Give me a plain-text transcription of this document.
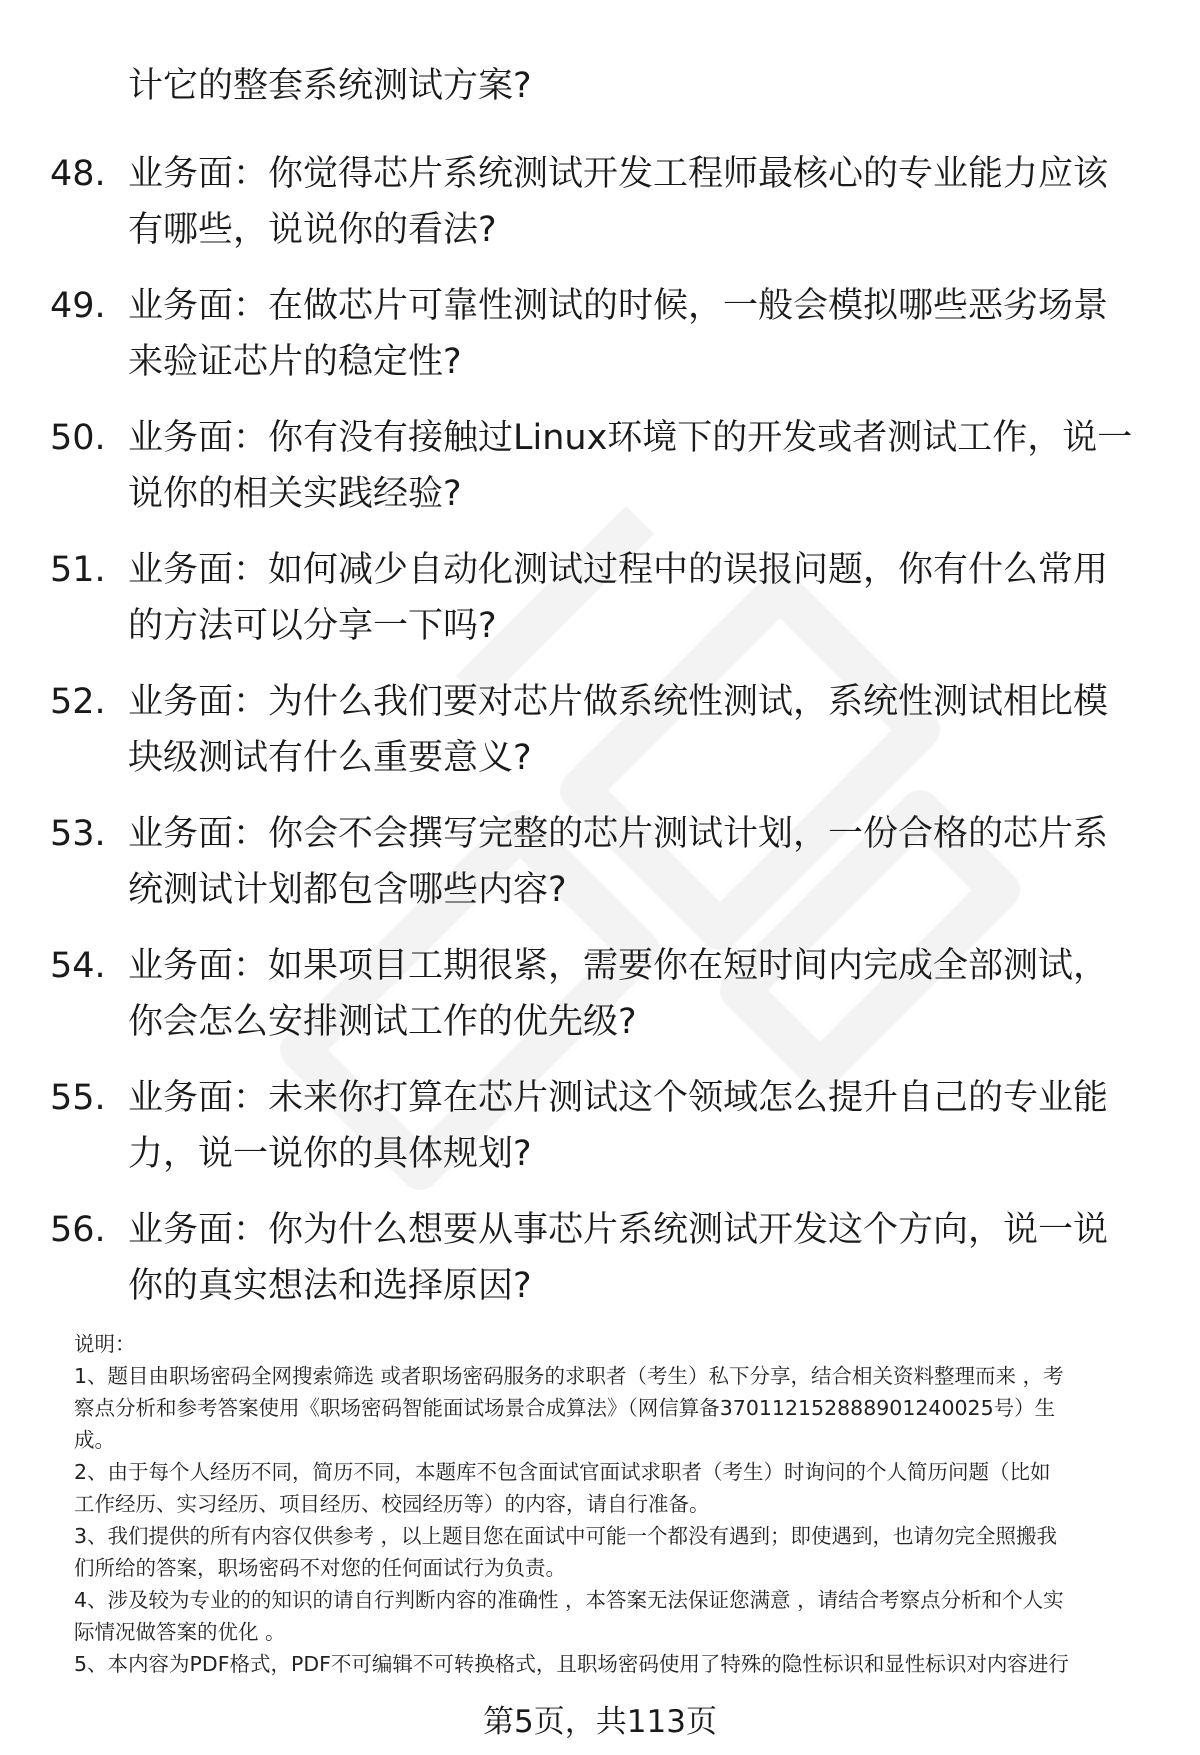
计它的整套系统测试方案?
48. 业务面：你觉得芯片系统测试开发工程师最核心的专业能力应该
有哪些，说说你的看法?
49. 业务面：在做芯片可靠性测试的时候，一般会模拟哪些恶劣场景
来验证芯片的稳定性?
50. 业务面：你有没有接触过Linux环境下的开发或者测试工作，说一
说你的相关实践经验?
51. 业务面：如何减少自动化测试过程中的误报问题，你有什么常用
的方法可以分享一下吗?
52. 业务面：为什么我们要对芯片做系统性测试，系统性测试相比模
块级测试有什么重要意义?
53. 业务面：你会不会撰写完整的芯片测试计划，一份合格的芯片系
统测试计划都包含哪些内容?
54. 业务面：如果项目工期很紧，需要你在短时间内完成全部测试，
你会怎么安排测试工作的优先级?
55. 业务面：未来你打算在芯片测试这个领域怎么提升自己的专业能
力，说一说你的具体规划?
56. 业务面：你为什么想要从事芯片系统测试开发这个方向，说一说
你的真实想法和选择原因?

说明：

1、题目由职场密码全网搜索筛选 或者职场密码服务的求职者（考生）私下分享，结合相关资料整理而来 ，考

察点分析和参考答案使用《职场密码智能面试场景合成算法》（网信算备370112152888901240025号）生

成。

2、由于每个人经历不同，简历不同，本题库不包含面试官面试求职者（考生）时询问的个人简历问题（比如

工作经历、实习经历、项目经历、校园经历等）的内容，请自行准备。

3、我们提供的所有内容仅供参考 ，以上题目您在面试中可能一个都没有遇到；即使遇到，也请勿完全照搬我

们所给的答案，职场密码不对您的任何面试行为负责。

4、涉及较为专业的的知识的请自行判断内容的准确性 ，本答案无法保证您满意 ，请结合考察点分析和个人实

际情况做答案的优化 。

5、本内容为PDF格式，PDF不可编辑不可转换格式，且职场密码使用了特殊的隐性标识和显性标识对内容进行

第5页，共113页
